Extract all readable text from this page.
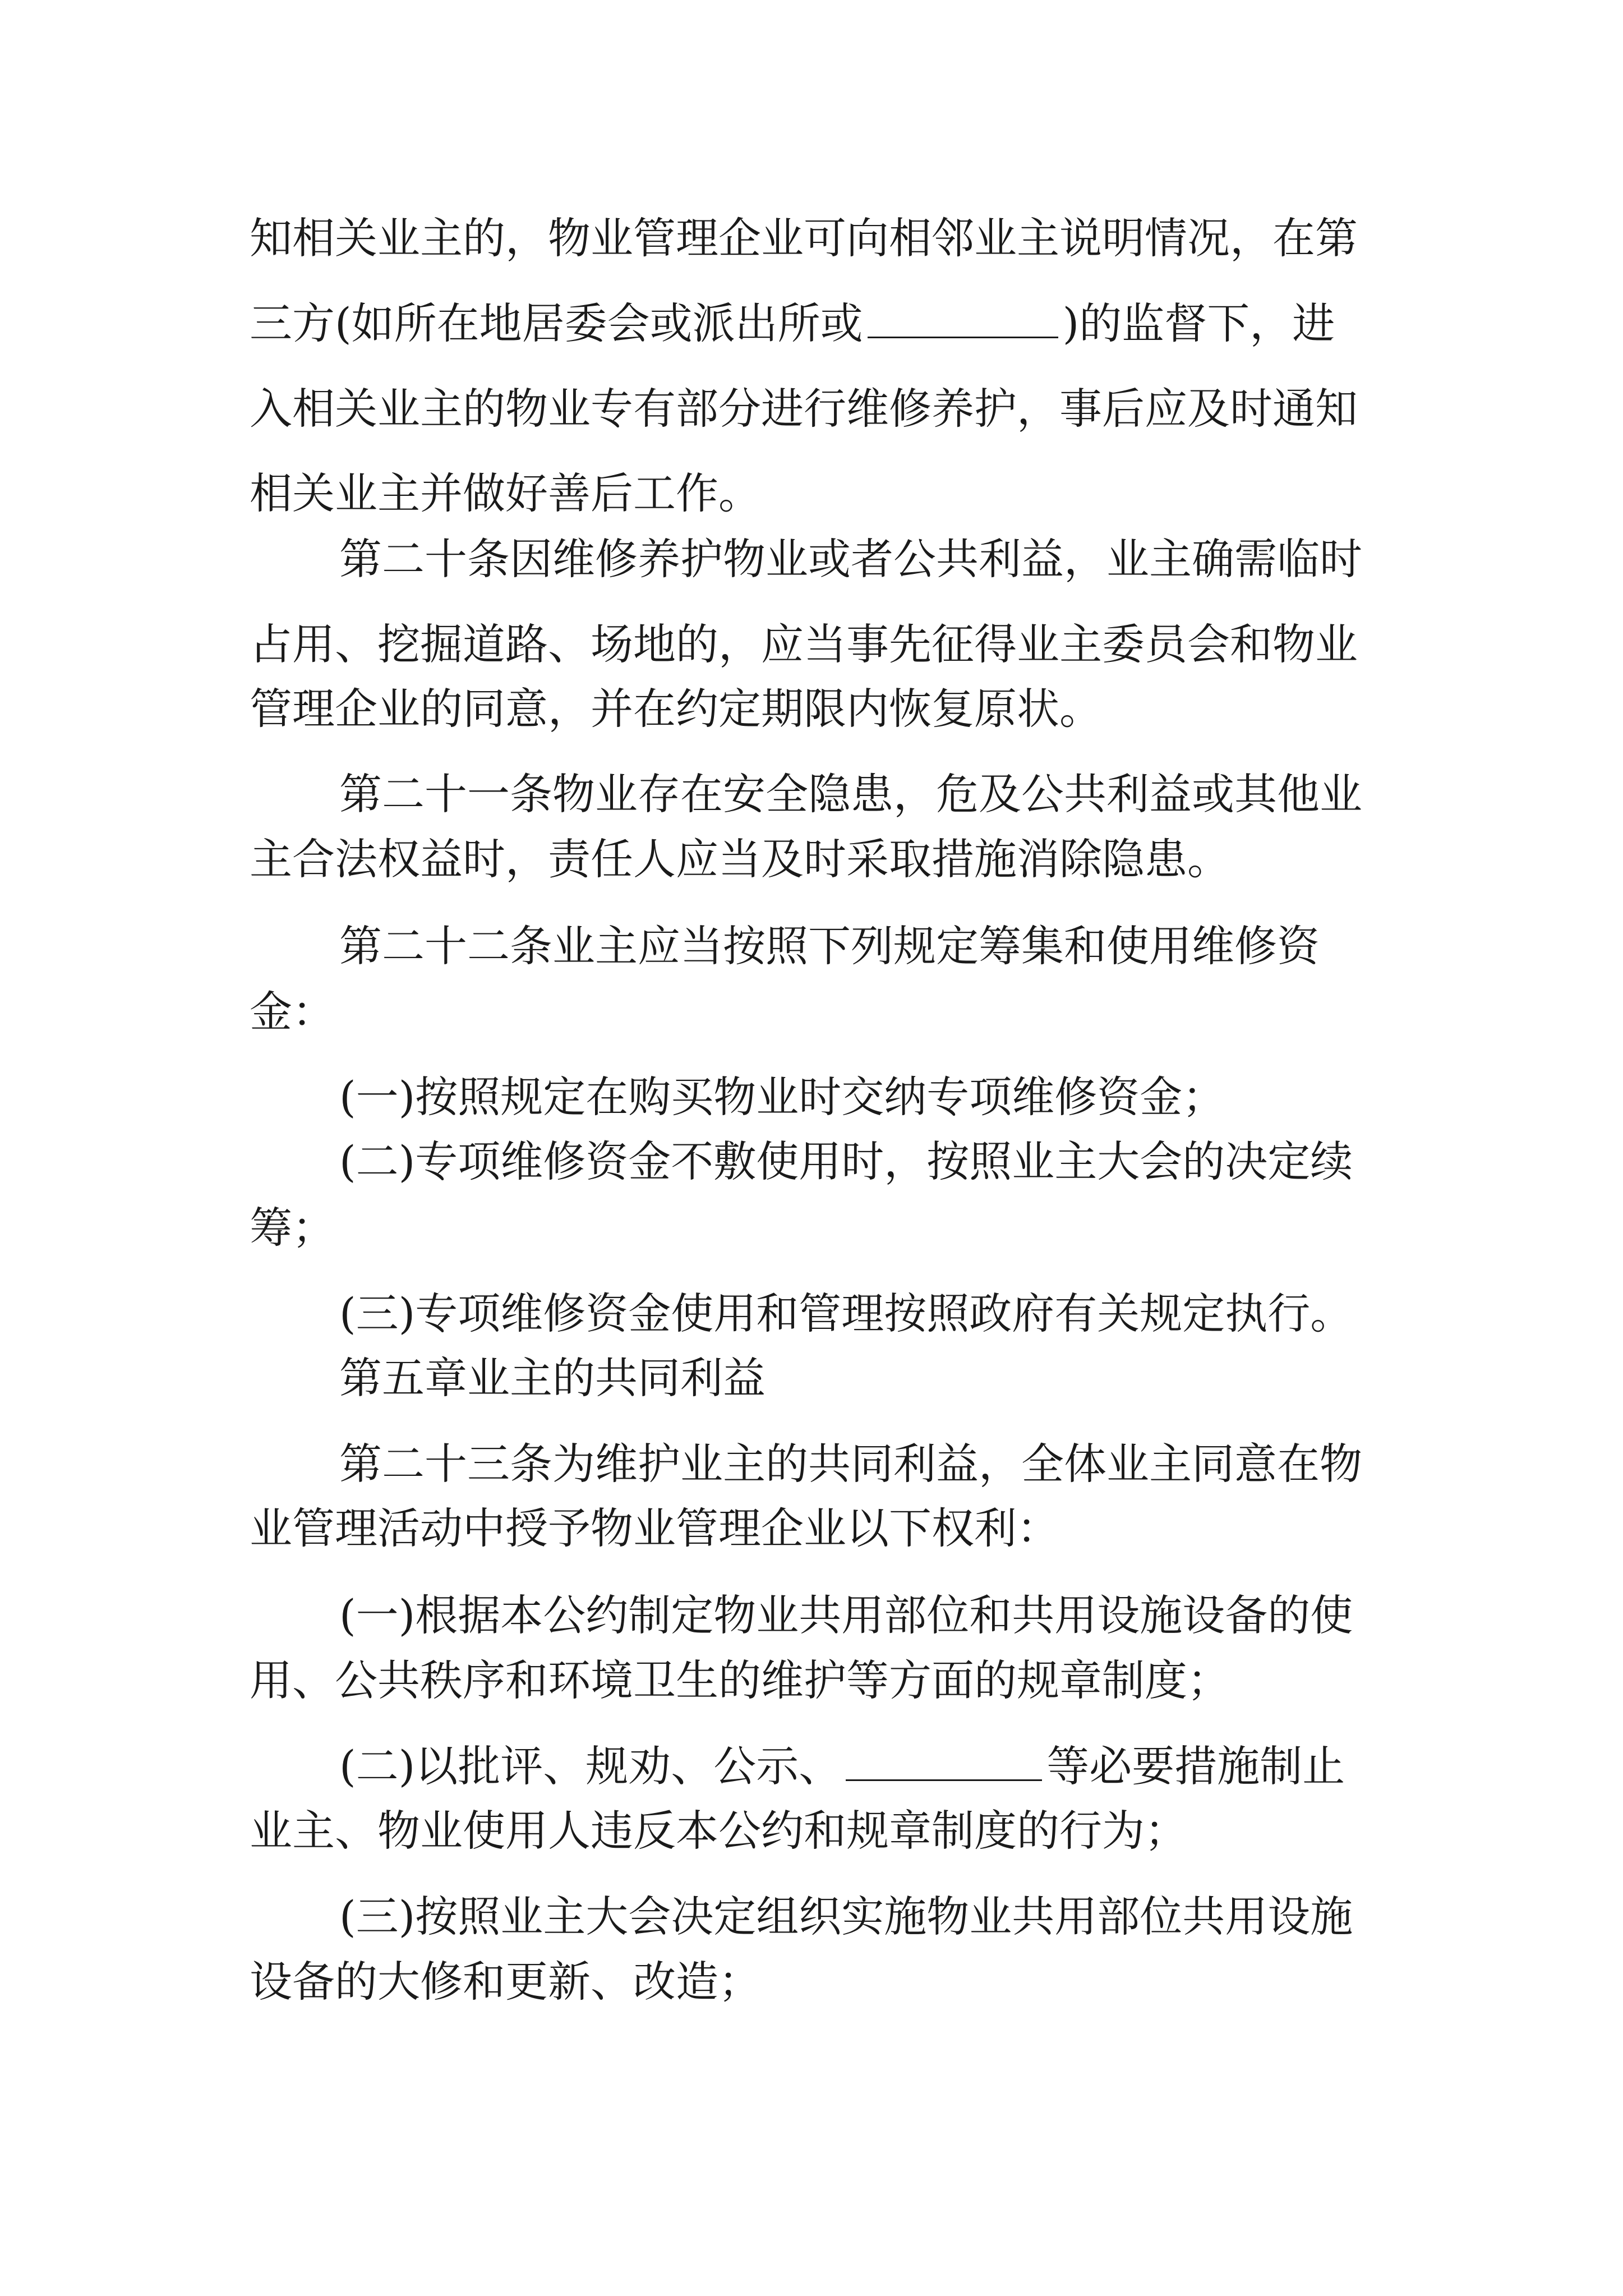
知相关业主的，物业管理企业可向相邻业主说明情况，在第
三方(如所在地居委会或派出所或	)的监督下，进
入相关业主的物业专有部分进行维修养护，事后应及时通知
相关业主并做好善后工作。
第二十条因维修养护物业或者公共利益，业主确需临时
占用、挖掘道路、场地的，应当事先征得业主委员会和物业
管理企业的同意，并在约定期限内恢复原状。
第二十一条物业存在安全隐患，危及公共利益或其他业
主合法权益时，责任人应当及时采取措施消除隐患。
第二十二条业主应当按照下列规定筹集和使用维修资
金：
(一)按照规定在购买物业时交纳专项维修资金；
(二)专项维修资金不敷使用时，按照业主大会的决定续
筹；
(三)专项维修资金使用和管理按照政府有关规定执行。
第五章业主的共同利益
第二十三条为维护业主的共同利益，全体业主同意在物
业管理活动中授予物业管理企业以下权利：
(一)根据本公约制定物业共用部位和共用设施设备的使
用、公共秩序和环境卫生的维护等方面的规章制度；
(二)以批评、规劝、公示、	等必要措施制止
业主、物业使用人违反本公约和规章制度的行为；
(三)按照业主大会决定组织实施物业共用部位共用设施
设备的大修和更新、改造；
